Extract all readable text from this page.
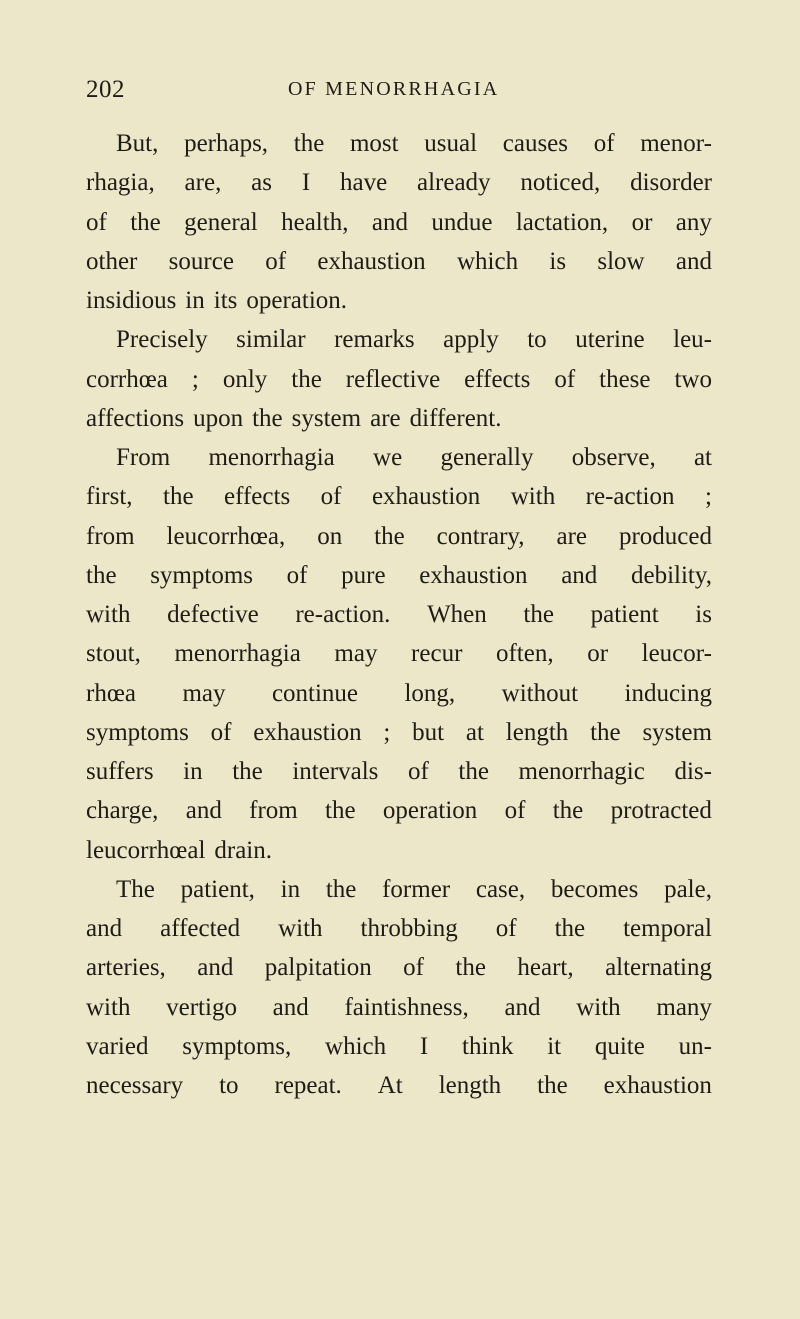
202	OF MENORRHAGIA
But, perhaps, the most usual causes of menor-
rhagia, are, as I have already noticed, disorder
of the general health, and undue lactation, or any
other source of exhaustion which is slow and
insidious in its operation.
Precisely similar remarks apply to uterine leu-
corrhœa ; only the reflective effects of these two
affections upon the system are different.
From menorrhagia we generally observe, at
first, the effects of exhaustion with re-action ;
from leucorrhœa, on the contrary, are produced
the symptoms of pure exhaustion and debility,
with defective re-action. When the patient is
stout, menorrhagia may recur often, or leucor-
rhœa may continue long, without inducing
symptoms of exhaustion ; but at length the system
suffers in the intervals of the menorrhagic dis-
charge, and from the operation of the protracted
leucorrhœal drain.
The patient, in the former case, becomes pale,
and affected with throbbing of the temporal
arteries, and palpitation of the heart, alternating
with vertigo and faintishness, and with many
varied symptoms, which I think it quite un-
necessary to repeat. At length the exhaustion
